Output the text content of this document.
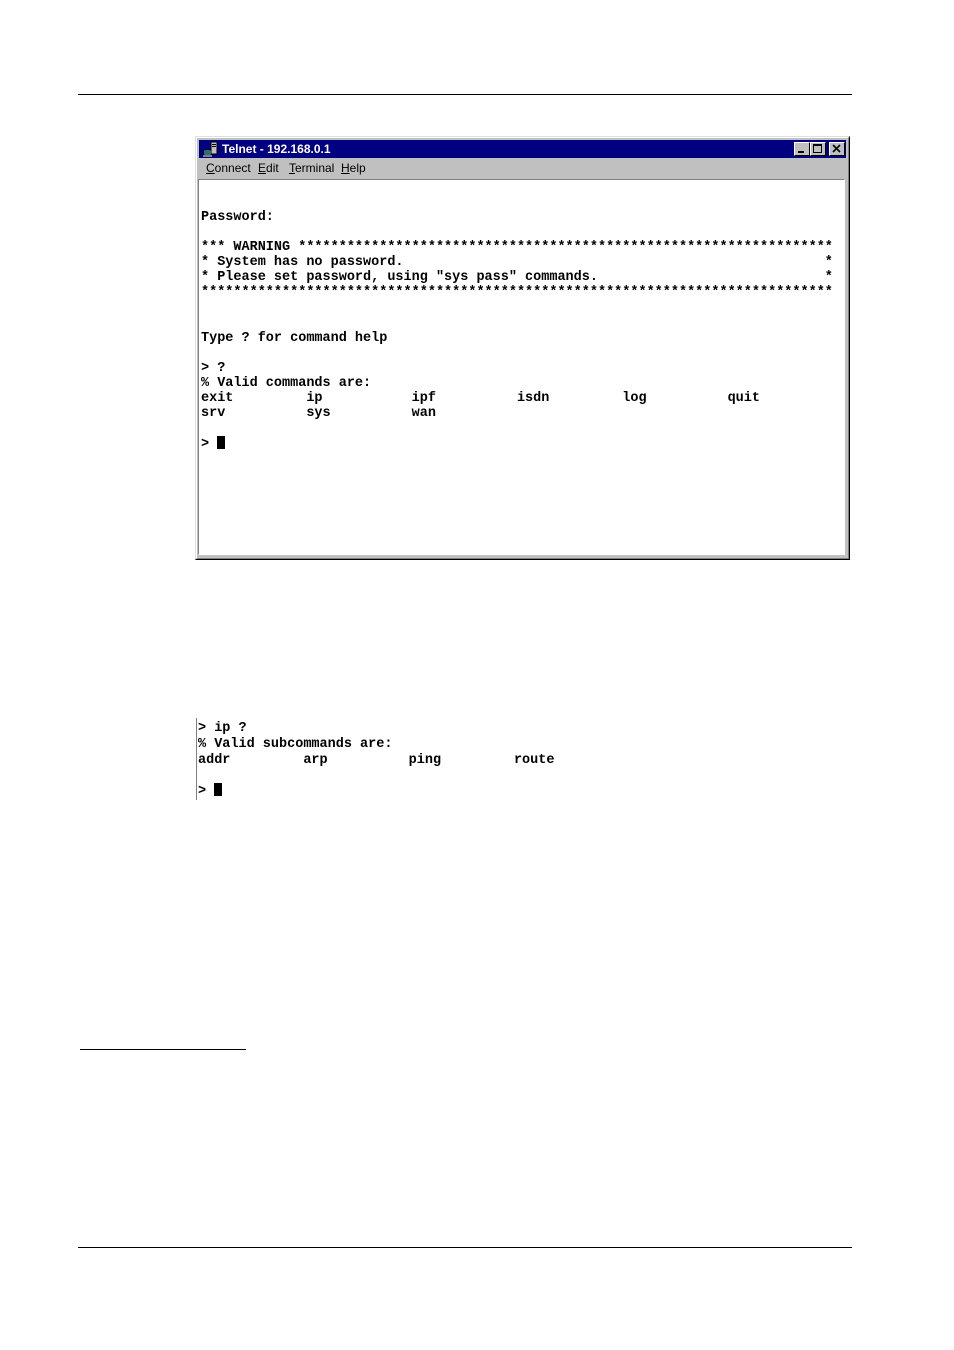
Telnet - 192.168.0.1
Connect Edit Terminal Help
Password:
*** WARNING ******************************************************************
* System has no password.                                                    *
* Please set password, using "sys pass" commands.                            *
******************************************************************************
Type ? for command help
> ?
% Valid commands are:
exit         ip           ipf          isdn         log          quit
srv          sys          wan
>
> ip ?
% Valid subcommands are:
addr         arp          ping         route
>
